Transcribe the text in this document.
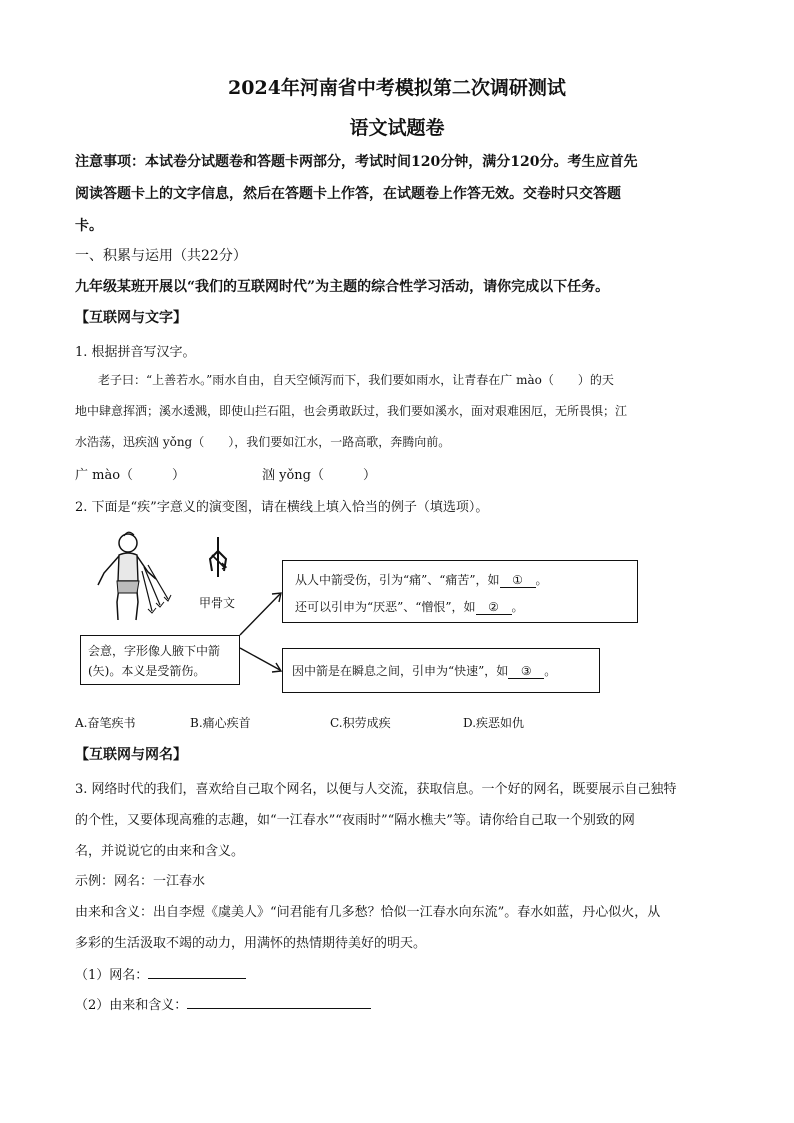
2024年河南省中考模拟第二次调研测试
语文试题卷
注意事项：本试卷分试题卷和答题卡两部分，考试时间120分钟，满分120分。考生应首先
阅读答题卡上的文字信息，然后在答题卡上作答，在试题卷上作答无效。交卷时只交答题
卡。
一、积累与运用（共22分）
九年级某班开展以“我们的互联网时代”为主题的综合性学习活动，请你完成以下任务。
【互联网与文字】
1. 根据拼音写汉字。
老子曰：“上善若水。”雨水自由，自天空倾泻而下，我们要如雨水，让青春在广 mào（　　）的天
地中肆意挥洒；溪水逶溅，即使山拦石阻，也会勇敢跃过，我们要如溪水，面对艰难困厄，无所畏惧；江
水浩荡，迅疾汹 yǒng（　　），我们要如江水，一路高歌，奔腾向前。
广 mào（　　　）	汹 yǒng（　　　）
2. 下面是“疾”字意义的演变图，请在横线上填入恰当的例子（填选项）。
甲骨文
会意，字形像人腋下中箭
(矢)。本义是受箭伤。
从人中箭受伤，引为“痛”、“痛苦”，如 ① 。
还可以引申为“厌恶”、“憎恨”，如 ② 。
因中箭是在瞬息之间，引申为“快速”，如 ③ 。
A.奋笔疾书	B.痛心疾首	C.积劳成疾	D.疾恶如仇
【互联网与网名】
3. 网络时代的我们，喜欢给自己取个网名，以便与人交流，获取信息。一个好的网名，既要展示自己独特
的个性，又要体现高雅的志趣，如“一江春水”“夜雨时”“隔水樵夫”等。请你给自己取一个别致的网
名，并说说它的由来和含义。
示例：网名：一江春水
由来和含义：出自李煜《虞美人》“问君能有几多愁？恰似一江春水向东流”。春水如蓝，丹心似火，从
多彩的生活汲取不竭的动力，用满怀的热情期待美好的明天。
（1）网名：
（2）由来和含义：
